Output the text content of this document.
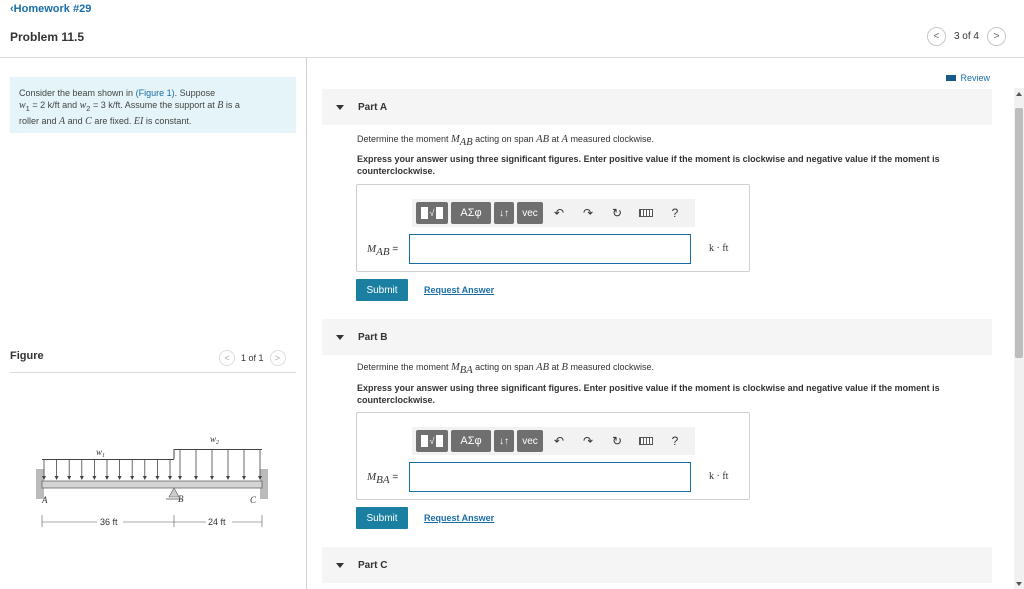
‹Homework #29
Problem 11.5	< 3 of 4 >
Consider the beam shown in (Figure 1). Suppose
$w_1 = 2$ k/ft and $w_2 = 3$ k/ft. Assume the support at B is a
roller and A and C are fixed. EI is constant.
Figure	< 1 of 1 >
$w_1$
$w_2$
A	B	C
36 ft	24 ft
Review
Part A
Determine the moment $M_{AB}$ acting on span AB at A measured clockwise.
Express your answer using three significant figures. Enter positive value if the moment is clockwise and negative value if the moment is counterclockwise.
√	ΑΣφ	↓↑	vec	↶	↷	↻	?
$M_{AB}$ =	k · ft
Submit	Request Answer
Part B
Determine the moment $M_{BA}$ acting on span AB at B measured clockwise.
Express your answer using three significant figures. Enter positive value if the moment is clockwise and negative value if the moment is counterclockwise.
√	ΑΣφ	↓↑	vec	↶	↷	↻	?
$M_{BA}$ =	k · ft
Submit	Request Answer
Part C
